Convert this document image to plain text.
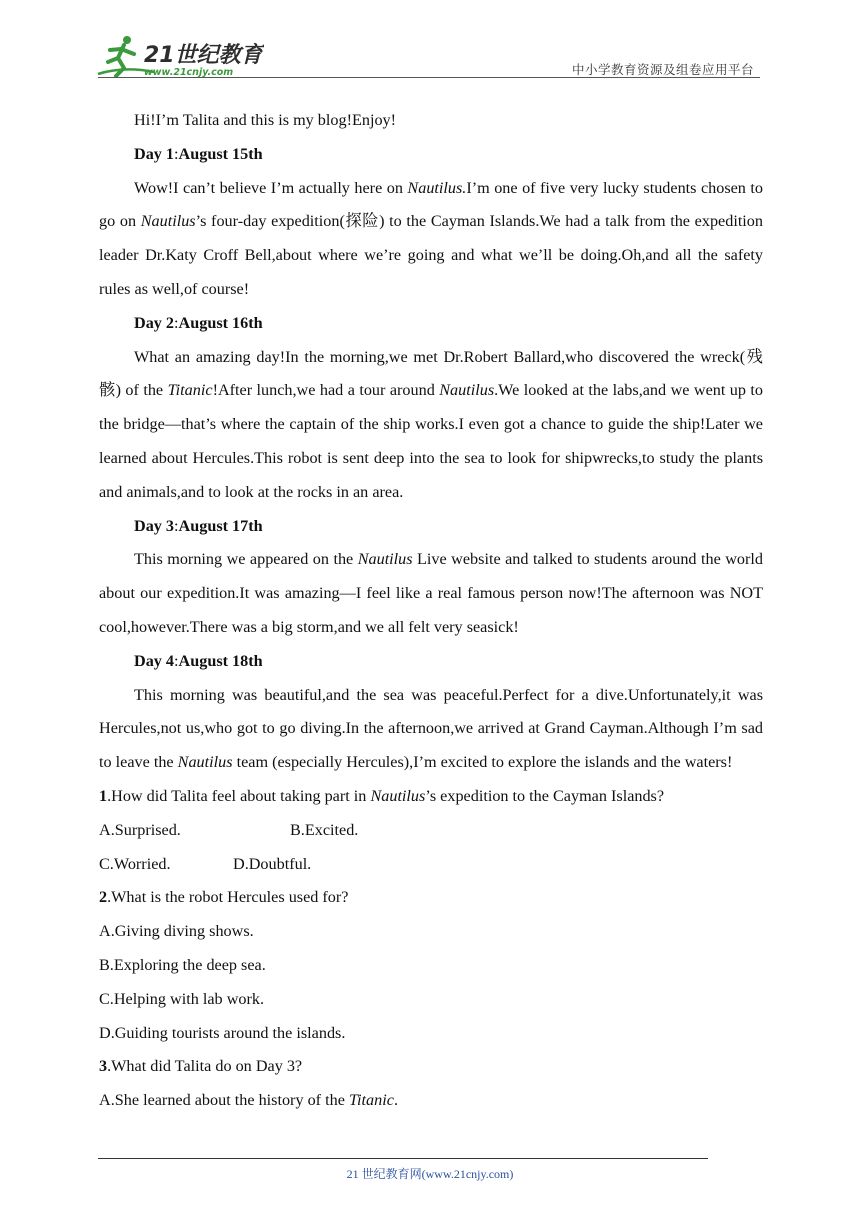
21世纪教育
www.21cnjy.com	中小学教育资源及组卷应用平台

Hi!I’m Talita and this is my blog!Enjoy!

Day 1:August 15th

Wow!I can’t believe I’m actually here on Nautilus.I’m one of five very lucky students chosen to go on Nautilus’s four-day expedition(探险) to the Cayman Islands.We had a talk from the expedition leader Dr.Katy Croff Bell,about where we’re going and what we’ll be doing.Oh,and all the safety rules as well,of course!

Day 2:August 16th

What an amazing day!In the morning,we met Dr.Robert Ballard,who discovered the wreck(残骸) of the Titanic!After lunch,we had a tour around Nautilus.We looked at the labs,and we went up to the bridge—that’s where the captain of the ship works.I even got a chance to guide the ship!Later we learned about Hercules.This robot is sent deep into the sea to look for shipwrecks,to study the plants and animals,and to look at the rocks in an area.

Day 3:August 17th

This morning we appeared on the Nautilus Live website and talked to students around the world about our expedition.It was amazing—I feel like a real famous person now!The afternoon was NOT cool,however.There was a big storm,and we all felt very seasick!

Day 4:August 18th

This morning was beautiful,and the sea was peaceful.Perfect for a dive.Unfortunately,it was Hercules,not us,who got to go diving.In the afternoon,we arrived at Grand Cayman.Although I’m sad to leave the Nautilus team (especially Hercules),I’m excited to explore the islands and the waters!

1.How did Talita feel about taking part in Nautilus’s expedition to the Cayman Islands?

A.Surprised.	B.Excited.

C.Worried.	D.Doubtful.

2.What is the robot Hercules used for?

A.Giving diving shows.

B.Exploring the deep sea.

C.Helping with lab work.

D.Guiding tourists around the islands.

3.What did Talita do on Day 3?

A.She learned about the history of the Titanic.

21 世纪教育网(www.21cnjy.com)
